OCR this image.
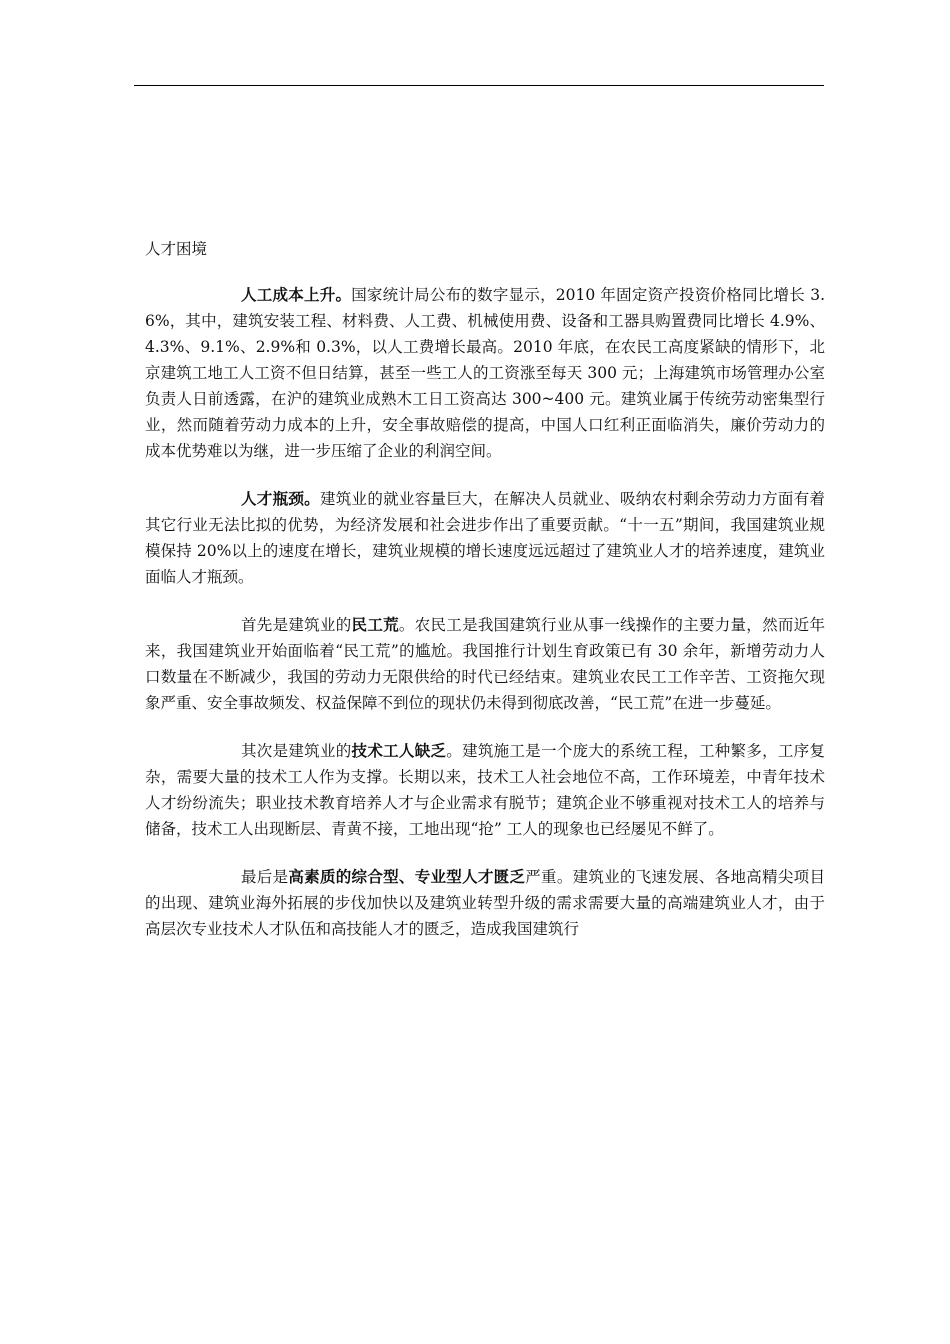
人才困境

人工成本上升。国家统计局公布的数字显示，2010 年固定资产投资价格同比增长 3.6%，其中，建筑安装工程、材料费、人工费、机械使用费、设备和工器具购置费同比增长 4.9%、4.3%、9.1%、2.9%和 0.3%，以人工费增长最高。2010 年底，在农民工高度紧缺的情形下，北京建筑工地工人工资不但日结算，甚至一些工人的工资涨至每天 300 元；上海建筑市场管理办公室负责人日前透露，在沪的建筑业成熟木工日工资高达 300~400 元。建筑业属于传统劳动密集型行业，然而随着劳动力成本的上升，安全事故赔偿的提高，中国人口红利正面临消失，廉价劳动力的成本优势难以为继，进一步压缩了企业的利润空间。

人才瓶颈。建筑业的就业容量巨大，在解决人员就业、吸纳农村剩余劳动力方面有着其它行业无法比拟的优势，为经济发展和社会进步作出了重要贡献。“十一五”期间，我国建筑业规模保持 20%以上的速度在增长，建筑业规模的增长速度远远超过了建筑业人才的培养速度，建筑业面临人才瓶颈。

首先是建筑业的民工荒。农民工是我国建筑行业从事一线操作的主要力量，然而近年来，我国建筑业开始面临着“民工荒”的尴尬。我国推行计划生育政策已有 30 余年，新增劳动力人口数量在不断减少，我国的劳动力无限供给的时代已经结束。建筑业农民工工作辛苦、工资拖欠现象严重、安全事故频发、权益保障不到位的现状仍未得到彻底改善，“民工荒”在进一步蔓延。

其次是建筑业的技术工人缺乏。建筑施工是一个庞大的系统工程，工种繁多，工序复杂，需要大量的技术工人作为支撑。长期以来，技术工人社会地位不高，工作环境差，中青年技术人才纷纷流失；职业技术教育培养人才与企业需求有脱节；建筑企业不够重视对技术工人的培养与储备，技术工人出现断层、青黄不接，工地出现“抢” 工人的现象也已经屡见不鲜了。

最后是高素质的综合型、专业型人才匮乏严重。建筑业的飞速发展、各地高精尖项目的出现、建筑业海外拓展的步伐加快以及建筑业转型升级的需求需要大量的高端建筑业人才，由于高层次专业技术人才队伍和高技能人才的匮乏，造成我国建筑行
